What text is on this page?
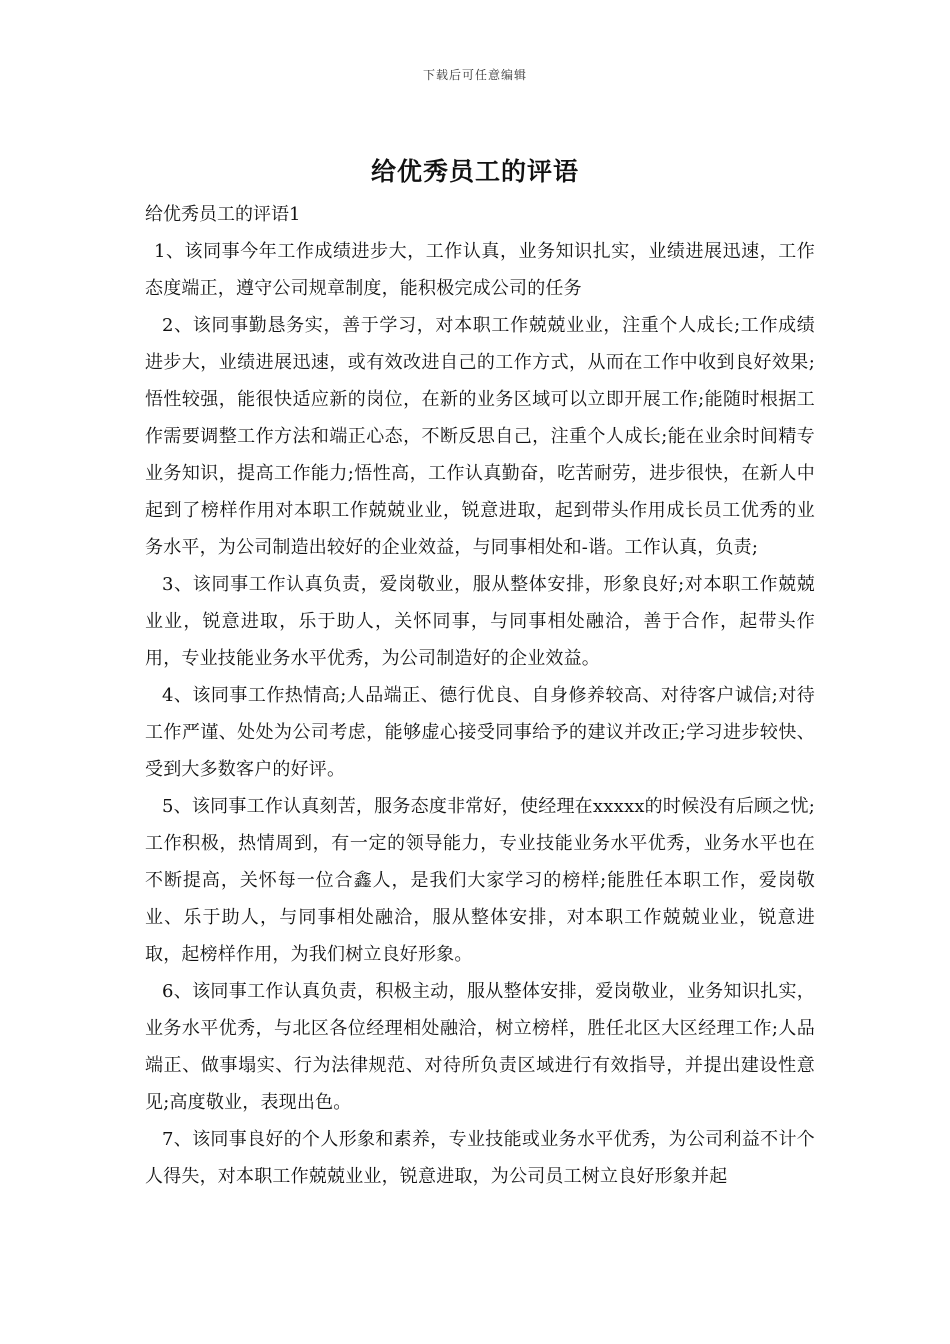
下载后可任意编辑
给优秀员工的评语

给优秀员工的评语1

1、该同事今年工作成绩进步大，工作认真，业务知识扎实，业绩进展迅速，工作态度端正，遵守公司规章制度，能积极完成公司的任务

2、该同事勤恳务实，善于学习，对本职工作兢兢业业，注重个人成长;工作成绩进步大，业绩进展迅速，或有效改进自己的工作方式，从而在工作中收到良好效果;悟性较强，能很快适应新的岗位，在新的业务区域可以立即开展工作;能随时根据工作需要调整工作方法和端正心态，不断反思自己，注重个人成长;能在业余时间精专业务知识，提高工作能力;悟性高，工作认真勤奋，吃苦耐劳，进步很快，在新人中起到了榜样作用对本职工作兢兢业业，锐意进取，起到带头作用成长员工优秀的业务水平，为公司制造出较好的企业效益，与同事相处和-谐。工作认真，负责;

3、该同事工作认真负责，爱岗敬业，服从整体安排，形象良好;对本职工作兢兢业业，锐意进取，乐于助人，关怀同事，与同事相处融洽，善于合作，起带头作用，专业技能业务水平优秀，为公司制造好的企业效益。

4、该同事工作热情高;人品端正、德行优良、自身修养较高、对待客户诚信;对待工作严谨、处处为公司考虑，能够虚心接受同事给予的建议并改正;学习进步较快、受到大多数客户的好评。

5、该同事工作认真刻苦，服务态度非常好，使经理在xxxxx的时候没有后顾之忧;工作积极，热情周到，有一定的领导能力，专业技能业务水平优秀，业务水平也在不断提高，关怀每一位合鑫人，是我们大家学习的榜样;能胜任本职工作，爱岗敬业、乐于助人，与同事相处融洽，服从整体安排，对本职工作兢兢业业，锐意进取，起榜样作用，为我们树立良好形象。

6、该同事工作认真负责，积极主动，服从整体安排，爱岗敬业，业务知识扎实，业务水平优秀，与北区各位经理相处融洽，树立榜样，胜任北区大区经理工作;人品端正、做事塌实、行为法律规范、对待所负责区域进行有效指导，并提出建设性意见;高度敬业，表现出色。

7、该同事良好的个人形象和素养，专业技能或业务水平优秀，为公司利益不计个人得失，对本职工作兢兢业业，锐意进取，为公司员工树立良好形象并起
